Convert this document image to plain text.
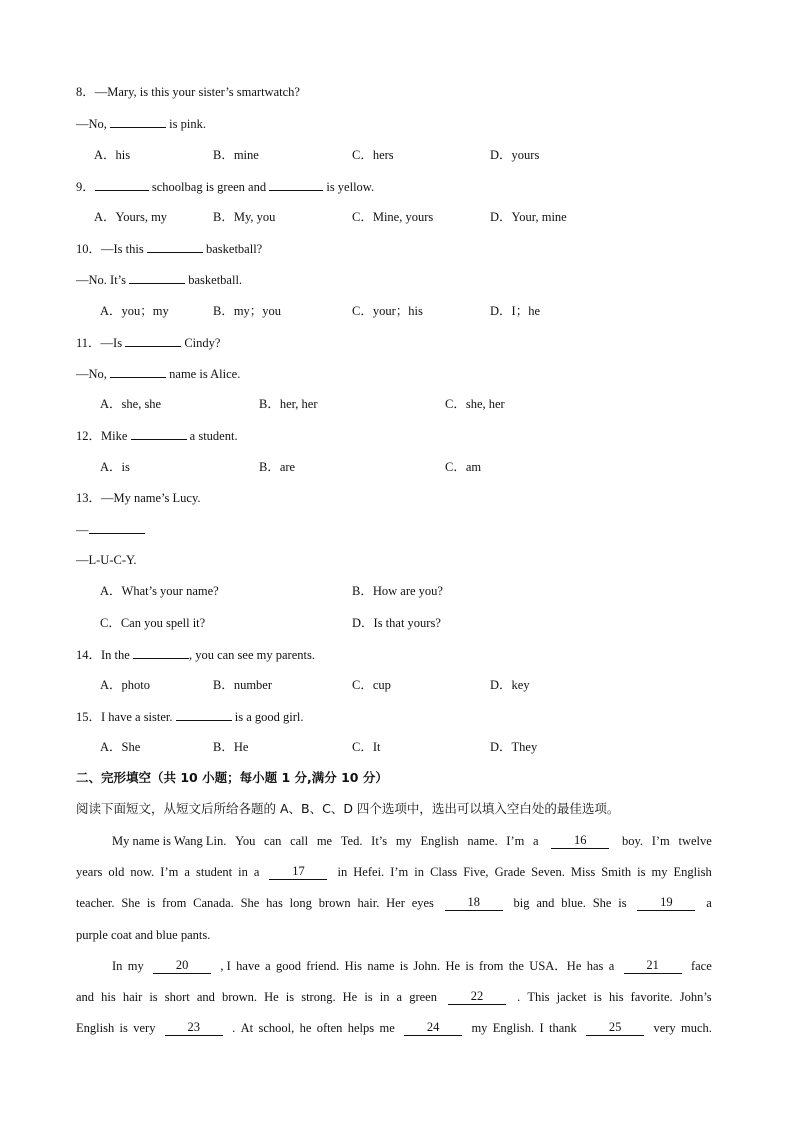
8．—Mary, is this your sister’s smartwatch?
—No,	is pink.
A．his	B．mine	C．hers	D．yours
9．	schoolbag is green and	is yellow.
A．Yours, my	B．My, you	C．Mine, yours	D．Your, mine
10．—Is this	basketball?
—No. It’s	basketball.
A．you；my	B．my；you	C．your；his	D．I；he
11．—Is	Cindy?
—No,	name is Alice.
A．she, she	B．her, her	C．she, her
12．Mike	a student.
A．is	B．are	C．am
13．—My name’s Lucy.
—
—L-U-C-Y.
A．What’s your name?	B．How are you?
C．Can you spell it?	D．Is that yours?
14．In the	, you can see my parents.
A．photo	B．number	C．cup	D．key
15．I have a sister.	is a good girl.
A．She	B．He	C．It	D．They
二、完形填空（共 10 小题；每小题 1 分,满分 10 分）
阅读下面短文，从短文后所给各题的 A、B、C、D 四个选项中，选出可以填入空白处的最佳选项。
My name is Wang Lin. You can call me Ted. It’s my English name. I’m a	16	boy. I’m twelve
years old now. I’m a student in a	17	in Hefei. I’m in Class Five, Grade Seven. Miss Smith is my English
teacher. She is from Canada. She has long brown hair. Her eyes	18	big and blue. She is	19	a
purple coat and blue pants.
In my	20	, I have a good friend. His name is John. He is from the USA．He has a	21	face
and his hair is short and brown. He is strong. He is in a green	22	. This jacket is his favorite. John’s
English is very	23	. At school, he often helps me	24	my English. I thank	25	very much.
